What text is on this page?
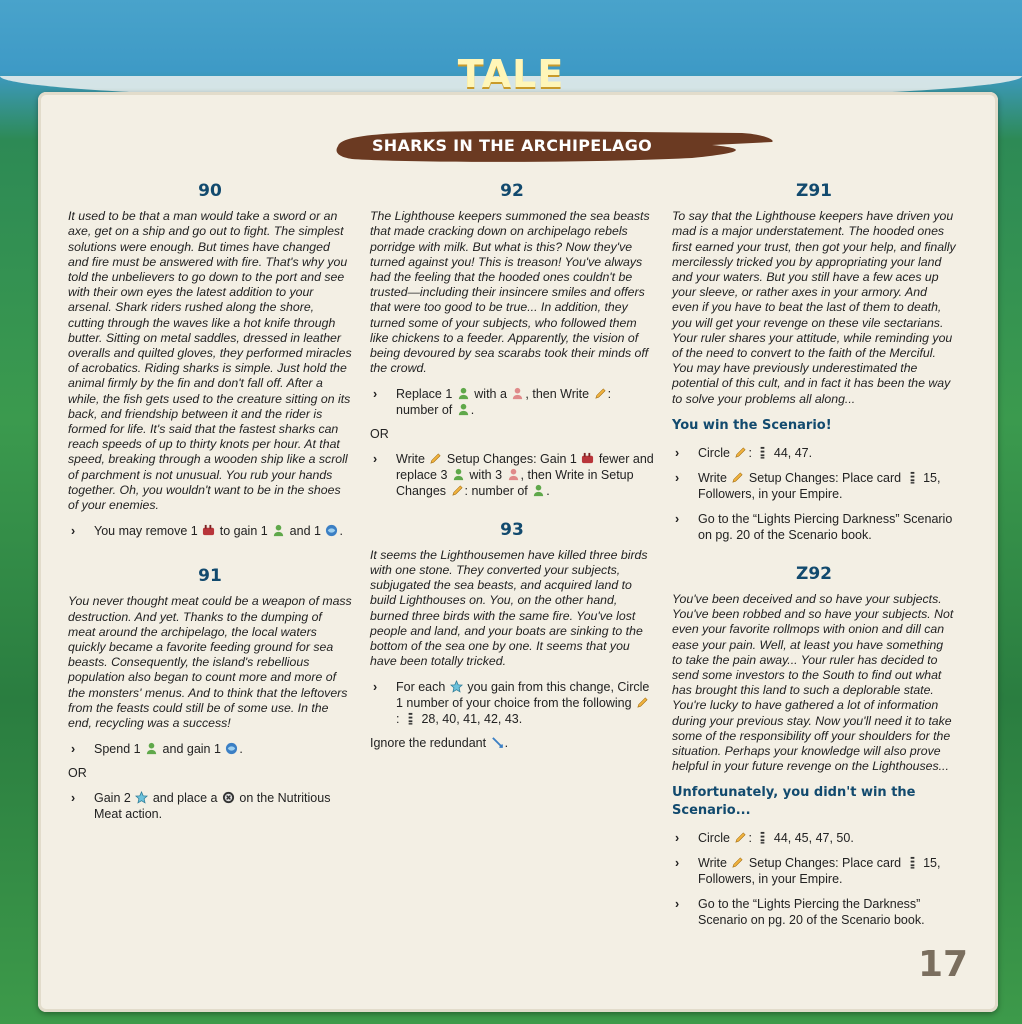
TALE
SHARKS IN THE ARCHIPELAGO
90
It used to be that a man would take a sword or an axe, get on a ship and go out to fight. The simplest solutions were enough. But times have changed and fire must be answered with fire. That's why you told the unbelievers to go down to the port and see with their own eyes the latest addition to your arsenal. Shark riders rushed along the shore, cutting through the waves like a hot knife through butter. Sitting on metal saddles, dressed in leather overalls and quilted gloves, they performed miracles of acrobatics. Riding sharks is simple. Just hold the animal firmly by the fin and don't fall off. After a while, the fish gets used to the creature sitting on its back, and friendship between it and the rider is formed for life. It's said that the fastest sharks can reach speeds of up to thirty knots per hour. At that speed, breaking through a wooden ship like a scroll of parchment is not unusual. You rub your hands together. Oh, you wouldn't want to be in the shoes of your enemies.
› You may remove 1 to gain 1 and 1 .
91
You never thought meat could be a weapon of mass destruction. And yet. Thanks to the dumping of meat around the archipelago, the local waters quickly became a favorite feeding ground for sea beasts. Consequently, the island's rebellious population also began to count more and more of the monsters' menus. And to think that the leftovers from the feasts could still be of some use. In the end, recycling was a success!
› Spend 1 and gain 1 .
OR
› Gain 2 and place a on the Nutritious Meat action.
92
The Lighthouse keepers summoned the sea beasts that made cracking down on archipelago rebels porridge with milk. But what is this? Now they've turned against you! This is treason! You've always had the feeling that the hooded ones couldn't be trusted—including their insincere smiles and offers that were too good to be true... In addition, they turned some of your subjects, who followed them like chickens to a feeder. Apparently, the vision of being devoured by sea scarabs took their minds off the crowd.
› Replace 1 with a , then Write : number of .
OR
› Write Setup Changes: Gain 1 fewer and replace 3 with 3 , then Write in Setup Changes : number of .
93
It seems the Lighthousemen have killed three birds with one stone. They converted your subjects, subjugated the sea beasts, and acquired land to build Lighthouses on. You, on the other hand, burned three birds with the same fire. You've lost people and land, and your boats are sinking to the bottom of the sea one by one. It seems that you have been totally tricked.
› For each you gain from this change, Circle 1 number of your choice from the following  :  28, 40, 41, 42, 43.
Ignore the redundant .
Z91
To say that the Lighthouse keepers have driven you mad is a major understatement. The hooded ones first earned your trust, then got your help, and finally mercilessly tricked you by appropriating your land and your waters. But you still have a few aces up your sleeve, or rather axes in your armory. And even if you have to beat the last of them to death, you will get your revenge on these vile sectarians. Your ruler shares your attitude, while reminding you of the need to convert to the faith of the Merciful. You may have previously underestimated the potential of this cult, and in fact it has been the way to solve your problems all along...
You win the Scenario!
› Circle :  44, 47.
› Write Setup Changes: Place card 15, Followers, in your Empire.
› Go to the “Lights Piercing Darkness” Scenario on pg. 20 of the Scenario book.
Z92
You've been deceived and so have your subjects. You've been robbed and so have your subjects. Not even your favorite rollmops with onion and dill can ease your pain. Well, at least you have something to take the pain away... Your ruler has decided to send some investors to the South to find out what has brought this land to such a deplorable state. You're lucky to have gathered a lot of information during your previous stay. Now you'll need it to take some of the responsibility off your shoulders for the situation. Perhaps your knowledge will also prove helpful in your future revenge on the Lighthouses...
Unfortunately, you didn't win the Scenario...
› Circle :  44, 45, 47, 50.
› Write Setup Changes: Place card 15, Followers, in your Empire.
› Go to the “Lights Piercing the Darkness” Scenario on pg. 20 of the Scenario book.
17
